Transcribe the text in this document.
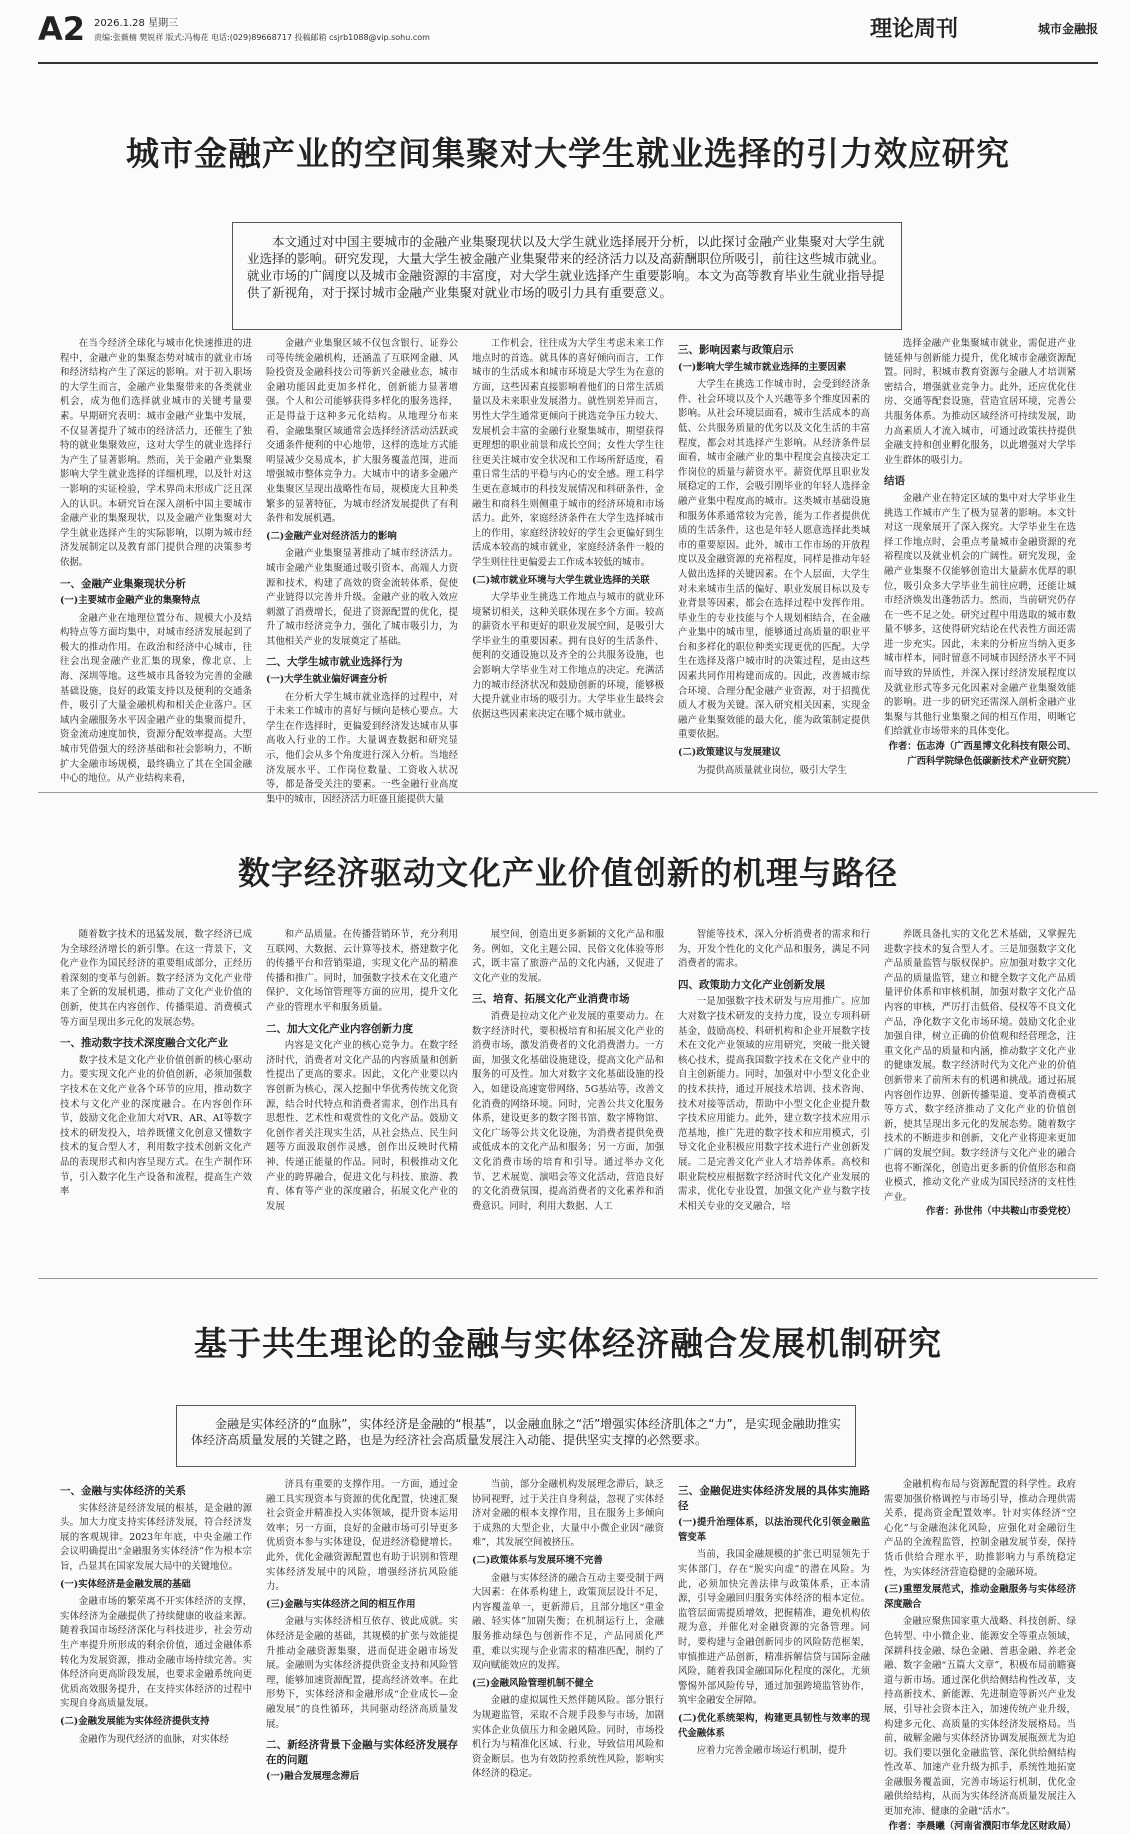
A2 2026.1.28 星期三
责编:张薇楠 樊锐祥 版式:冯梅花 电话:(029)89668717 投稿邮箱 csjrb1088@vip.sohu.com	理论周刊	城市金融报
城市金融产业的空间集聚对大学生就业选择的引力效应研究
本文通过对中国主要城市的金融产业集聚现状以及大学生就业选择展开分析，以此探讨金融产业集聚对大学生就业选择的影响。研究发现，大量大学生被金融产业集聚带来的经济活力以及高薪酬职位所吸引，前往这些城市就业。就业市场的广阔度以及城市金融资源的丰富度，对大学生就业选择产生重要影响。本文为高等教育毕业生就业指导提供了新视角，对于探讨城市金融产业集聚对就业市场的吸引力具有重要意义。

在当今经济全球化与城市化快速推进的进程中，金融产业的集聚态势对城市的就业市场和经济结构产生了深远的影响。对于初入职场的大学生而言，金融产业集聚带来的各类就业机会，成为他们选择就业城市的关键考量要素。早期研究表明：城市金融产业集中发展，不仅显著提升了城市的经济活力，还催生了独特的就业集聚效应，这对大学生的就业选择行为产生了显著影响。然而，关于金融产业集聚影响大学生就业选择的详细机理，以及针对这一影响的实证检验，学术界尚未形成广泛且深入的认识。本研究旨在深入剖析中国主要城市金融产业的集聚现状，以及金融产业集聚对大学生就业选择产生的实际影响，以期为城市经济发展制定以及教育部门提供合理的决策参考依据。

一、金融产业集聚现状分析

(一)主要城市金融产业的集聚特点

金融产业在地理位置分布、规模大小及结构特点等方面均集中，对城市经济发展起到了极大的推动作用。在政治和经济中心城市，往往会出现金融产业汇集的现象，像北京、上海、深圳等地。这些城市具备较为完善的金融基础设施，良好的政策支持以及便利的交通条件，吸引了大量金融机构和相关企业落户。区域内金融服务水平因金融产业的集聚而提升，资金流动速度加快，资源分配效率提高。大型城市凭借强大的经济基础和社会影响力，不断扩大金融市场规模，最终确立了其在全国金融中心的地位。从产业结构来看，

金融产业集聚区域不仅包含银行、证券公司等传统金融机构，还涵盖了互联网金融、风险投资及金融科技公司等新兴金融业态，城市金融功能因此更加多样化，创新能力显著增强。个人和公司能够获得多样化的服务选择，正是得益于这种多元化结构。从地理分布来看，金融集聚区域通常会选择经济活动活跃或交通条件便利的中心地带，这样的选址方式能明显减少交易成本，扩大服务覆盖范围，进而增强城市整体竞争力。大城市中的诸多金融产业集聚区呈现出战略性布局，规模庞大且种类繁多的显著特征，为城市经济发展提供了有利条件和发展机遇。

(二)金融产业对经济活力的影响

金融产业集聚显著推动了城市经济活力。城市金融产业集聚通过吸引资本、高端人力资源和技术，构建了高效的资金流转体系，促使产业链得以完善并升级。金融产业的收入效应刺激了消费增长，促进了资源配置的优化，提升了城市经济竞争力，强化了城市吸引力，为其他相关产业的发展奠定了基础。

二、大学生城市就业选择行为

(一)大学生就业偏好调查分析

在分析大学生城市就业选择的过程中，对于未来工作城市的喜好与倾向是核心要点。大学生在作选择时，更偏爱到经济发达城市从事高收入行业的工作。大量调查数据和研究显示，他们会从多个角度进行深入分析。当地经济发展水平、工作岗位数量、工资收入状况等，都是备受关注的要素。一些金融行业高度集中的城市，因经济活力旺盛且能提供大量

工作机会，往往成为大学生考虑未来工作地点时的首选。就具体的喜好倾向而言，工作城市的生活成本和城市环境是大学生为在意的方面，这些因素直接影响着他们的日常生活质量以及未来职业发展潜力。就性别差异而言，男性大学生通常更倾向于挑选竞争压力较大、发展机会丰富的金融行业聚集城市，期望获得更理想的职业前景和成长空间；女性大学生往往更关注城市安全状况和工作场所舒适度，看重日常生活的平稳与内心的安全感。理工科学生更在意城市的科技发展情况和科研条件，金融生和商科生则侧重于城市的经济环境和市场活力。此外，家庭经济条件在大学生选择城市上的作用，家庭经济较好的学生会更偏好到生活成本较高的城市就业，家庭经济条件一般的学生则往往更偏爱去工作成本较低的城市。

(二)城市就业环境与大学生就业选择的关联

大学毕业生挑选工作地点与城市的就业环境紧切相关，这种关联体现在多个方面。较高的薪资水平和更好的职业发展空间，是吸引大学毕业生的重要因素。拥有良好的生活条件、便利的交通设施以及齐全的公共服务设施，也会影响大学毕业生对工作地点的决定。充满活力的城市经济状况和鼓励创新的环境，能够极大提升就业市场的吸引力。大学毕业生最终会依据这些因素来决定在哪个城市就业。

三、影响因素与政策启示

(一)影响大学生城市就业选择的主要因素

大学生在挑选工作城市时，会受到经济条件、社会环境以及个人兴趣等多个维度因素的影响。从社会环境层面看，城市生活成本的高低、公共服务质量的优劣以及文化生活的丰富程度，都会对其选择产生影响。从经济条件层面看，城市金融产业的集中程度会直接决定工作岗位的质量与薪资水平。薪资优厚且职业发展稳定的工作，会吸引刚毕业的年轻人选择金融产业集中程度高的城市。这类城市基础设施和服务体系通常较为完善，能为工作者提供优质的生活条件，这也是年轻人愿意选择此类城市的重要原因。此外，城市工作市场的开放程度以及金融资源的充裕程度，同样是推动年轻人做出选择的关键因素。在个人层面，大学生对未来城市生活的偏好、职业发展目标以及专业背景等因素，都会在选择过程中发挥作用。毕业生的专业技能与个人规划相结合，在金融产业集中的城市里，能够通过高质量的职业平台和多样化的职位种类实现更优的匹配。大学生在选择及落户城市时的决策过程，是由这些因素共同作用构建而成的。因此，改善城市综合环境、合理分配金融产业资源，对于招揽优质人才极为关键。深入研究相关因素，实现金融产业集聚效能的最大化，能为政策制定提供重要依据。

(二)政策建议与发展建议

为提供高质量就业岗位，吸引大学生

选择金融产业集聚城市就业，需促进产业链延伸与创新能力提升，优化城市金融资源配置。同时，积城市教育资源与金融人才培训紧密结合，增强就业竞争力。此外，还应优化住房、交通等配套设施，营造宜居环境，完善公共服务体系。为推动区域经济可持续发展，助力高素质人才流入城市，可通过政策扶持提供金融支持和创业孵化服务，以此增强对大学毕业生群体的吸引力。

结语

金融产业在特定区域的集中对大学毕业生挑选工作城市产生了极为显著的影响。本文针对这一现象展开了深入探究。大学毕业生在选择工作地点时，会重点考量城市金融资源的充裕程度以及就业机会的广阔性。研究发现，金融产业集聚不仅能够创造出大量薪水优厚的职位，吸引众多大学毕业生前往应聘，还能让城市经济焕发出蓬勃活力。然而，当前研究仍存在一些不足之处。研究过程中用选取的城市数量不够多，这使得研究结论在代表性方面还需进一步充实。因此，未来的分析应当纳入更多城市样本，同时留意不同城市因经济水平不同而导致的异质性，并深入探讨经济发展程度以及就业形式等多元化因素对金融产业集聚效能的影响。进一步的研究还需深入剖析金融产业集聚与其他行业集聚之间的相互作用，明晰它们给就业市场带来的具体变化。

作者：伍志涛（广西星博文化科技有限公司、广西科学院绿色低碳新技术产业研究院）

数字经济驱动文化产业价值创新的机理与路径

随着数字技术的迅猛发展，数字经济已成为全球经济增长的新引擎。在这一背景下，文化产业作为国民经济的重要组成部分，正经历着深刻的变革与创新。数字经济为文化产业带来了全新的发展机遇，推动了文化产业价值的创新，使其在内容创作、传播渠道、消费模式等方面呈现出多元化的发展态势。

一、推动数字技术深度融合文化产业

数字技术是文化产业价值创新的核心驱动力。要实现文化产业的价值创新，必须加强数字技术在文化产业各个环节的应用，推动数字技术与文化产业的深度融合。在内容创作环节，鼓励文化企业加大对VR、AR、AI等数字技术的研发投入，培养既懂文化创意又懂数字技术的复合型人才，利用数字技术创新文化产品的表现形式和内容呈现方式。在生产制作环节，引入数字化生产设备和流程，提高生产效率

和产品质量。在传播营销环节，充分利用互联网、大数据、云计算等技术，搭建数字化的传播平台和营销渠道，实现文化产品的精准传播和推广。同时，加强数字技术在文化遗产保护、文化场馆管理等方面的应用，提升文化产业的管理水平和服务质量。

二、加大文化产业内容创新力度

内容是文化产业的核心竞争力。在数字经济时代，消费者对文化产品的内容质量和创新性提出了更高的要求。因此，文化产业要以内容创新为核心，深入挖掘中华优秀传统文化资源，结合时代特点和消费者需求，创作出具有思想性、艺术性和观赏性的文化产品。鼓励文化创作者关注现实生活，从社会热点、民生问题等方面汲取创作灵感，创作出反映时代精神、传递正能量的作品。同时，积极推动文化产业的跨界融合，促进文化与科技、旅游、教育、体育等产业的深度融合，拓展文化产业的发展

展空间，创造出更多新颖的文化产品和服务。例如，文化主题公园、民俗文化体验等形式，既丰富了旅游产品的文化内涵，又促进了文化产业的发展。

三、培育、拓展文化产业消费市场

消费是拉动文化产业发展的重要动力。在数字经济时代，要积极培育和拓展文化产业的消费市场，激发消费者的文化消费潜力。一方面，加强文化基础设施建设，提高文化产品和服务的可及性。加大对数字文化基础设施的投入，如建设高速宽带网络、5G基站等，改善文化消费的网络环境。同时，完善公共文化服务体系，建设更多的数字图书馆、数字博物馆、文化广场等公共文化设施，为消费者提供免费或低成本的文化产品和服务；另一方面，加强文化消费市场的培育和引导。通过举办文化节、艺术展览、演唱会等文化活动，营造良好的文化消费氛围，提高消费者的文化素养和消费意识。同时，利用大数据、人工

智能等技术，深入分析消费者的需求和行为，开发个性化的文化产品和服务，满足不同消费者的需求。

四、政策助力文化产业创新发展

一是加强数字技术研发与应用推广。应加大对数字技术研发的支持力度，设立专项科研基金，鼓励高校、科研机构和企业开展数字技术在文化产业领域的应用研究，突破一批关键核心技术，提高我国数字技术在文化产业中的自主创新能力。同时，加强对中小型文化企业的技术扶持，通过开展技术培训、技术咨询、技术对接等活动，帮助中小型文化企业提升数字技术应用能力。此外，建立数字技术应用示范基地，推广先进的数字技术和应用模式，引导文化企业积极应用数字技术进行产业创新发展。二是完善文化产业人才培养体系。高校和职业院校应根据数字经济时代文化产业发展的需求，优化专业设置，加强文化产业与数字技术相关专业的交叉融合，培

养既具备扎实的文化艺术基础，又掌握先进数字技术的复合型人才。三是加强数字文化产品质量监管与版权保护。应加强对数字文化产品的质量监管，建立和健全数字文化产品质量评价体系和审核机制，加强对数字文化产品内容的审核，严厉打击低俗、侵权等不良文化产品，净化数字文化市场环境。鼓励文化企业加强自律，树立正确的价值观和经营理念，注重文化产品的质量和内涵，推动数字文化产业的健康发展。数字经济时代为文化产业的价值创新带来了前所未有的机遇和挑战。通过拓展内容创作边界、创新传播渠道、变革消费模式等方式，数字经济推动了文化产业的价值创新，使其呈现出多元化的发展态势。随着数字技术的不断进步和创新，文化产业将迎来更加广阔的发展空间。数字经济与文化产业的融合也将不断深化，创造出更多新的价值形态和商业模式，推动文化产业成为国民经济的支柱性产业。

作者：孙世伟（中共鞍山市委党校）

基于共生理论的金融与实体经济融合发展机制研究
金融是实体经济的“血脉”，实体经济是金融的“根基”，以金融血脉之“活”增强实体经济肌体之“力”，是实现金融助推实体经济高质量发展的关键之路，也是为经济社会高质量发展注入动能、提供坚实支撑的必然要求。

一、金融与实体经济的关系

实体经济是经济发展的根基，是金融的源头。加大力度支持实体经济发展，符合经济发展的客观规律。2023年年底，中央金融工作会议明确提出“金融服务实体经济”作为根本宗旨，凸显其在国家发展大局中的关键地位。

(一)实体经济是金融发展的基础

金融市场的繁荣离不开实体经济的支撑，实体经济为金融提供了持续健康的收益来源。随着我国市场经济深化与科技进步，社会劳动生产率提升所形成的剩余价值，通过金融体系转化为发展资源，推动金融市场持续完善。实体经济向更高阶段发展，也要求金融系统向更优质高效服务提升，在支持实体经济的过程中实现自身高质量发展。

(二)金融发展能为实体经济提供支持

金融作为现代经济的血脉，对实体经

济具有重要的支撑作用。一方面，通过金融工具实现资本与资源的优化配置，快速汇聚社会资金并精准投入实体领域，提升资本运用效率；另一方面，良好的金融市场可引导更多优质资本参与实体建设，促进经济稳健增长。此外，优化金融资源配置也有助于识别和管理实体经济发展中的风险，增强经济抗风险能力。

(三)金融与实体经济之间的相互作用

金融与实体经济相互依存、彼此成就。实体经济是金融的基础，其规模的扩张与效能提升推动金融资源集聚，进而促进金融市场发展。金融则为实体经济提供资金支持和风险管理，能够加速资源配置，提高经济效率。在此形势下，实体经济和金融形成“企业成长—金融发展”的良性循环，共同驱动经济高质量发展。

二、新经济背景下金融与实体经济发展存在的问题

(一)融合发展理念滞后

当前，部分金融机构发展理念滞后，缺乏协同视野，过于关注自身利益，忽视了实体经济对金融的根本支撑作用，且在服务上多倾向于成熟的大型企业，大量中小微企业因“融资难”，其发展空间被挤压。

(二)政策体系与发展环境不完善

金融与实体经济的融合互动主要受制于两大因素：在体系构建上，政策顶层设计不足，内容覆盖单一，更新滞后，且部分地区“重金融、轻实体”加剧失衡；在机制运行上，金融服务推动绿色与创新作不足，产品同质化严重，难以实现与企业需求的精准匹配，制约了双向赋能效应的发挥。

(三)金融风险管理机制不健全

金融的虚拟属性天然伴随风险。部分银行为规避监管，采取不合规手段参与市场，加剧实体企业负债压力和金融风险。同时，市场投机行为与精准化区域、行业，导致信用风险和资金断层。也为有效防控系统性风险，影响实体经济的稳定。

三、金融促进实体经济发展的具体实施路径

(一)提升治理体系，以法治现代化引领金融监管变革

当前，我国金融规模的扩张已明显领先于实体部门，存在“脱实向虚”的潜在风险。为此，必须加快完善法律与政策体系，正本清源，引导金融回归服务实体经济的根本定位。监管层面需提质增效，把握精准，避免机构依规为意，并催化对金融资源的完备管理。同时，要构建与金融创新同步的风险防范框架，审慎推进产品创新，精准拆解信贷与国际金融风险，随着我国金融国际化程度的深化，尤须警惕外部风险传导，通过加强跨境监管协作，筑牢金融安全屏障。

(二)优化系统架构，构建更具韧性与效率的现代金融体系

应着力完善金融市场运行机制，提升

金融机构布局与资源配置的科学性。政府需要加强价格调控与市场引导，推动合理供需关系，提高资金配置效率。针对实体经济“空心化”与金融泡沫化风险，应强化对金融衍生产品的全流程监管，控制金融发展节奏，保持货币供给合理水平，助推影响力与系统稳定性，为实体经济营造稳健的金融环境。

(三)重塑发展范式，推动金融服务与实体经济深度融合

金融应聚焦国家重大战略、科技创新、绿色转型、中小微企业、能源安全等重点领域，深耕科技金融、绿色金融、普惠金融、养老金融、数字金融“五篇大文章”，积极布局前瞻赛道与新市场。通过深化供给侧结构性改革，支持高新技术、新能源、先进制造等新兴产业发展，引导社会资本注入，加速传统产业升级，构建多元化、高质量的实体经济发展格局。当前，破解金融与实体经济协调发展瓶颈尤为迫切。我们要以强化金融监管、深化供给侧结构性改革、加速产业升级为抓手，系统性地拓宽金融服务覆盖面，完善市场运行机制，优化金融供给结构，从而为实体经济高质量发展注入更加充沛、健康的金融“活水”。

作者：李晨曦（河南省濮阳市华龙区财政局）
